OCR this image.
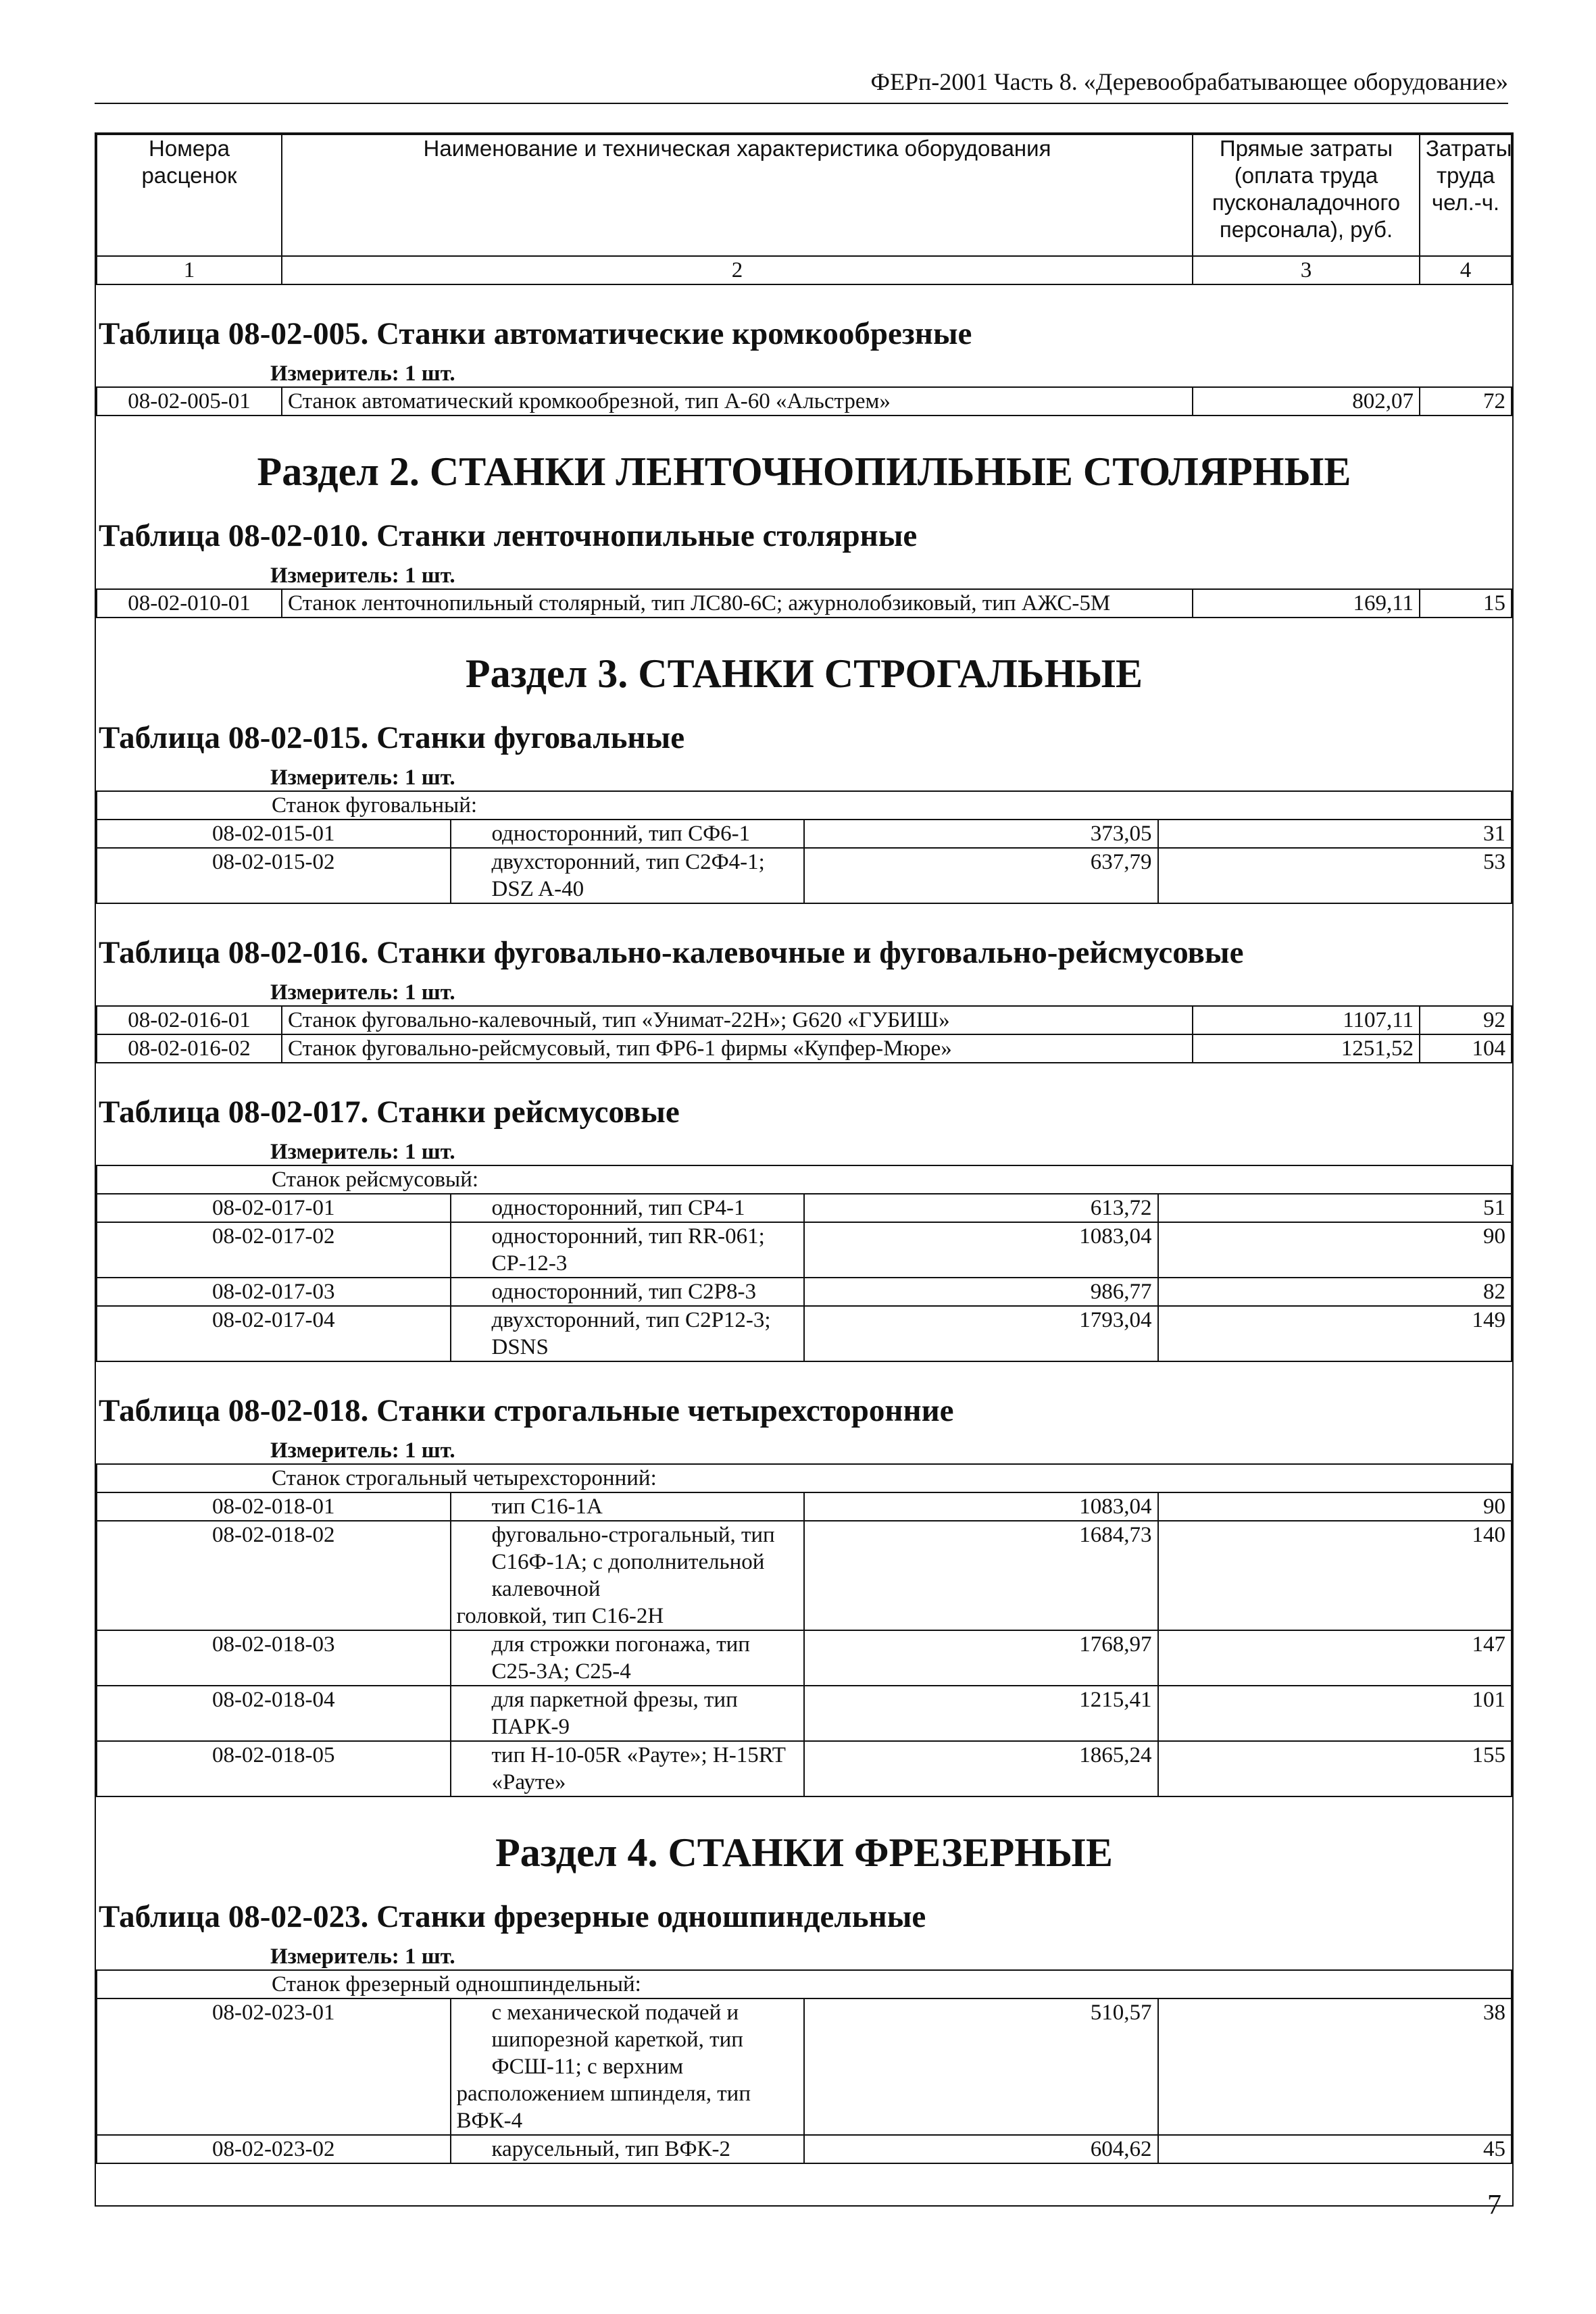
ФЕРп-2001 Часть 8. «Деревообрабатывающее оборудование»
Номера расценок	Наименование и техническая характеристика оборудования	Прямые затраты (оплата труда пусконаладочного персонала), руб.	Затраты труда чел.-ч.
1	2	3	4
Таблица 08-02-005. Станки автоматические кромкообрезные
Измеритель: 1 шт.
08-02-005-01	Станок автоматический кромкообрезной, тип А-60 «Альстрем»	802,07	72
Раздел 2. СТАНКИ ЛЕНТОЧНОПИЛЬНЫЕ СТОЛЯРНЫЕ
Таблица 08-02-010. Станки ленточнопильные столярные
Измеритель: 1 шт.
08-02-010-01	Станок ленточнопильный столярный, тип ЛС80-6С; ажурнолобзиковый, тип АЖС-5М	169,11	15
Раздел 3. СТАНКИ СТРОГАЛЬНЫЕ
Таблица 08-02-015. Станки фуговальные
Измеритель: 1 шт.
Станок фуговальный:			
08-02-015-01	односторонний, тип СФ6-1	373,05	31
08-02-015-02	двухсторонний, тип С2Ф4-1; DSZ A-40	637,79	53
Таблица 08-02-016. Станки фуговально-калевочные и фуговально-рейсмусовые
Измеритель: 1 шт.
08-02-016-01	Станок фуговально-калевочный, тип «Унимат-22Н»; G620 «ГУБИШ»	1107,11	92
08-02-016-02	Станок фуговально-рейсмусовый, тип ФР6-1 фирмы «Купфер-Мюре»	1251,52	104
Таблица 08-02-017. Станки рейсмусовые
Измеритель: 1 шт.
Станок рейсмусовый:			
08-02-017-01	односторонний, тип СР4-1	613,72	51
08-02-017-02	односторонний, тип RR-061; СР-12-3	1083,04	90
08-02-017-03	односторонний, тип С2Р8-3	986,77	82
08-02-017-04	двухсторонний, тип С2Р12-3; DSNS	1793,04	149
Таблица 08-02-018. Станки строгальные четырехсторонние
Измеритель: 1 шт.
Станок строгальный четырехсторонний:			
08-02-018-01	тип С16-1А	1083,04	90
08-02-018-02	фуговально-строгальный, тип С16Ф-1А; с дополнительной калевочной
головкой, тип С16-2Н	1684,73	140
08-02-018-03	для строжки погонажа, тип С25-3А; С25-4	1768,97	147
08-02-018-04	для паркетной фрезы, тип ПАРК-9	1215,41	101
08-02-018-05	тип Н-10-05R «Рауте»; Н-15RT «Рауте»	1865,24	155
Раздел 4. СТАНКИ ФРЕЗЕРНЫЕ
Таблица 08-02-023. Станки фрезерные одношпиндельные
Измеритель: 1 шт.
Станок фрезерный одношпиндельный:			
08-02-023-01	с механической подачей и шипорезной кареткой, тип ФСШ-11; с верхним
расположением шпинделя, тип ВФК-4	510,57	38
08-02-023-02	карусельный, тип ВФК-2	604,62	45
7
